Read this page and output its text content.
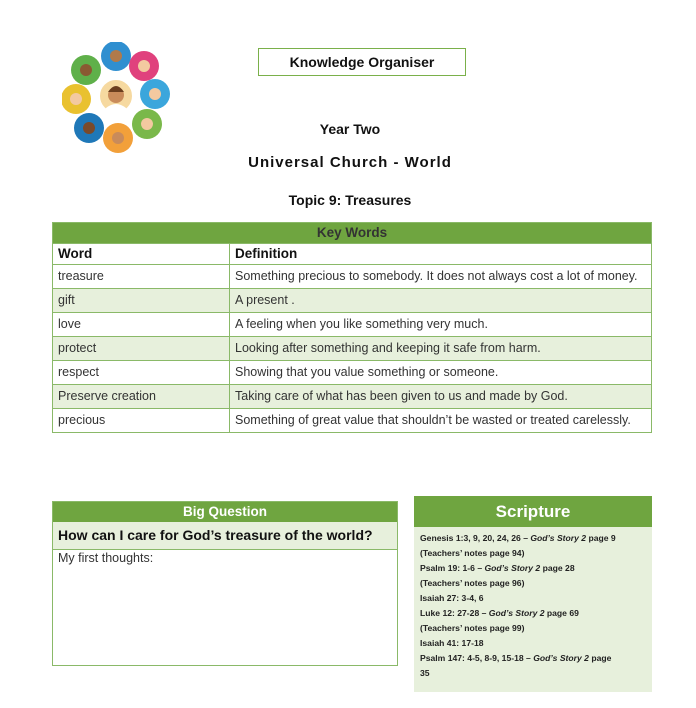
Knowledge Organiser
Year Two
Universal Church - World
Topic 9: Treasures
Key Words	
Word	Definition
treasure	Something precious to somebody. It does not always cost a lot of money.
gift	A present .
love	A feeling when you like something very much.
protect	Looking after something and keeping it safe from harm.
respect	Showing that you value something or someone.
Preserve creation	Taking care of what has been given to us and made by God.
precious	Something of great value that shouldn’t be wasted or treated carelessly.
Big Question
How can I care for God’s treasure of the world?
My first thoughts:
Scripture
Genesis 1:3, 9, 20, 24, 26 – God’s Story 2 page 9
(Teachers’ notes page 94)
Psalm 19: 1-6 – God’s Story 2 page 28
(Teachers’ notes page 96)
Isaiah 27: 3-4, 6
Luke 12: 27-28 – God’s Story 2 page 69
(Teachers’ notes page 99)
Isaiah 41: 17-18
Psalm 147: 4-5, 8-9, 15-18 – God’s Story 2 page
35
